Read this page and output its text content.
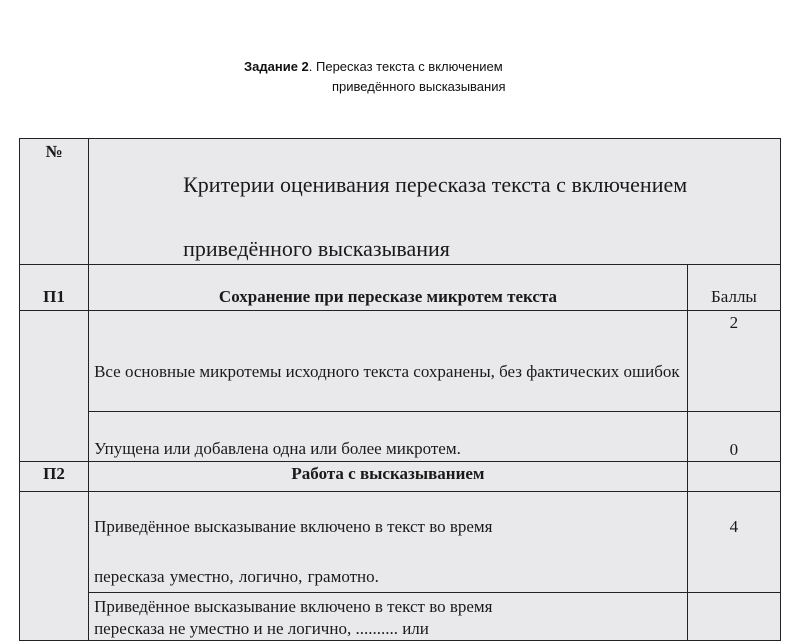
Задание 2. Пересказ текста с включением
приведённого высказывания
№	Критерии оценивания пересказа текста с включением
приведённого высказывания	

П1	Сохранение при пересказе микротем текста	Баллы

	Все основные микротемы исходного текста сохранены, без фактических ошибок	2
	Упущена или добавлена одна или более микротем.	0
П2	Работа с высказыванием	

	Приведённое высказывание включено в текст во время
пересказа уместно, логично, грамотно.	4

	Приведённое высказывание включено в текст во время
пересказа не уместно и не логично, .......... или	
